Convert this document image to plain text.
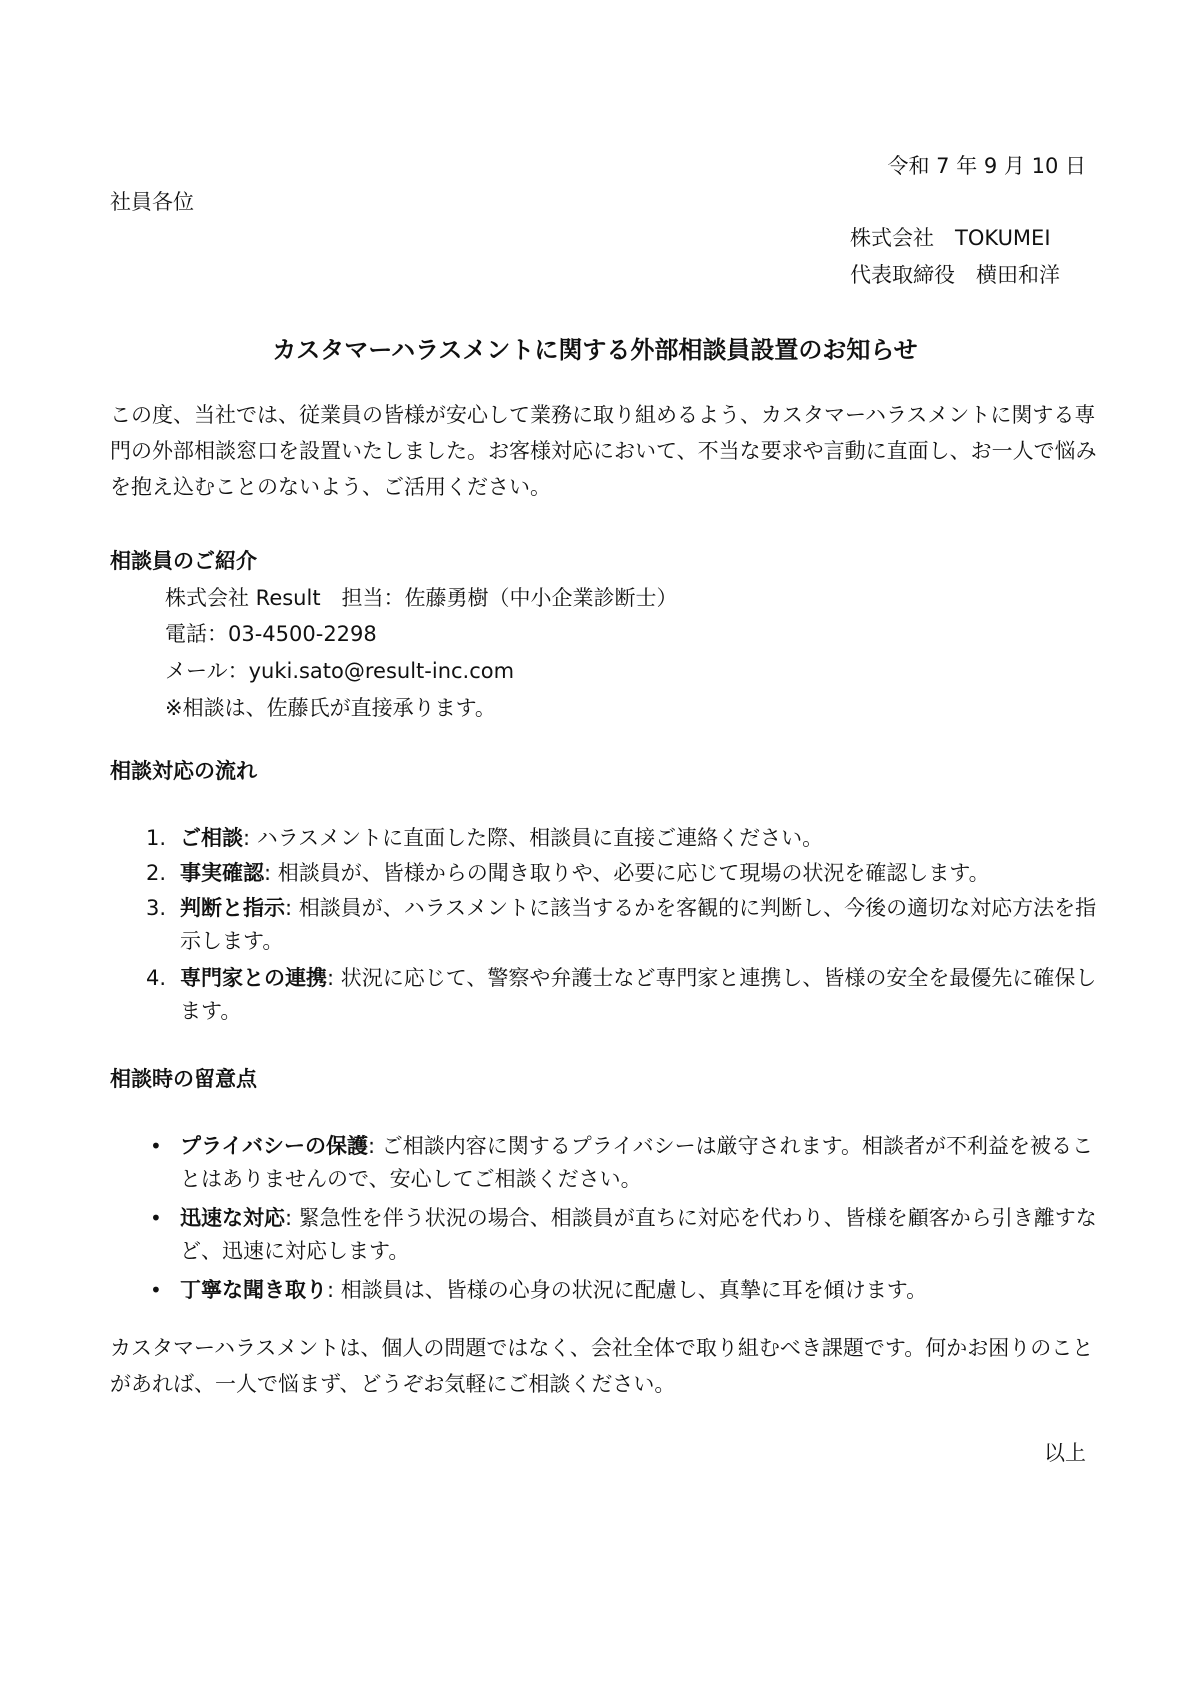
令和 7 年 9 月 10 日
社員各位
株式会社　TOKUMEI
代表取締役　横田和洋
カスタマーハラスメントに関する外部相談員設置のお知らせ
この度、当社では、従業員の皆様が安心して業務に取り組めるよう、カスタマーハラスメントに関する専門の外部相談窓口を設置いたしました。お客様対応において、不当な要求や言動に直面し、お一人で悩みを抱え込むことのないよう、ご活用ください。
相談員のご紹介
株式会社 Result　担当：佐藤勇樹（中小企業診断士）
電話：03-4500-2298
メール：yuki.sato@result-inc.com
※相談は、佐藤氏が直接承ります。
相談対応の流れ
1. ご相談: ハラスメントに直面した際、相談員に直接ご連絡ください。
2. 事実確認: 相談員が、皆様からの聞き取りや、必要に応じて現場の状況を確認します。
3. 判断と指示: 相談員が、ハラスメントに該当するかを客観的に判断し、今後の適切な対応方法を指示します。
4. 専門家との連携: 状況に応じて、警察や弁護士など専門家と連携し、皆様の安全を最優先に確保します。
相談時の留意点
• プライバシーの保護: ご相談内容に関するプライバシーは厳守されます。相談者が不利益を被ることはありませんので、安心してご相談ください。
• 迅速な対応: 緊急性を伴う状況の場合、相談員が直ちに対応を代わり、皆様を顧客から引き離すなど、迅速に対応します。
• 丁寧な聞き取り: 相談員は、皆様の心身の状況に配慮し、真摯に耳を傾けます。
カスタマーハラスメントは、個人の問題ではなく、会社全体で取り組むべき課題です。何かお困りのことがあれば、一人で悩まず、どうぞお気軽にご相談ください。
以上
